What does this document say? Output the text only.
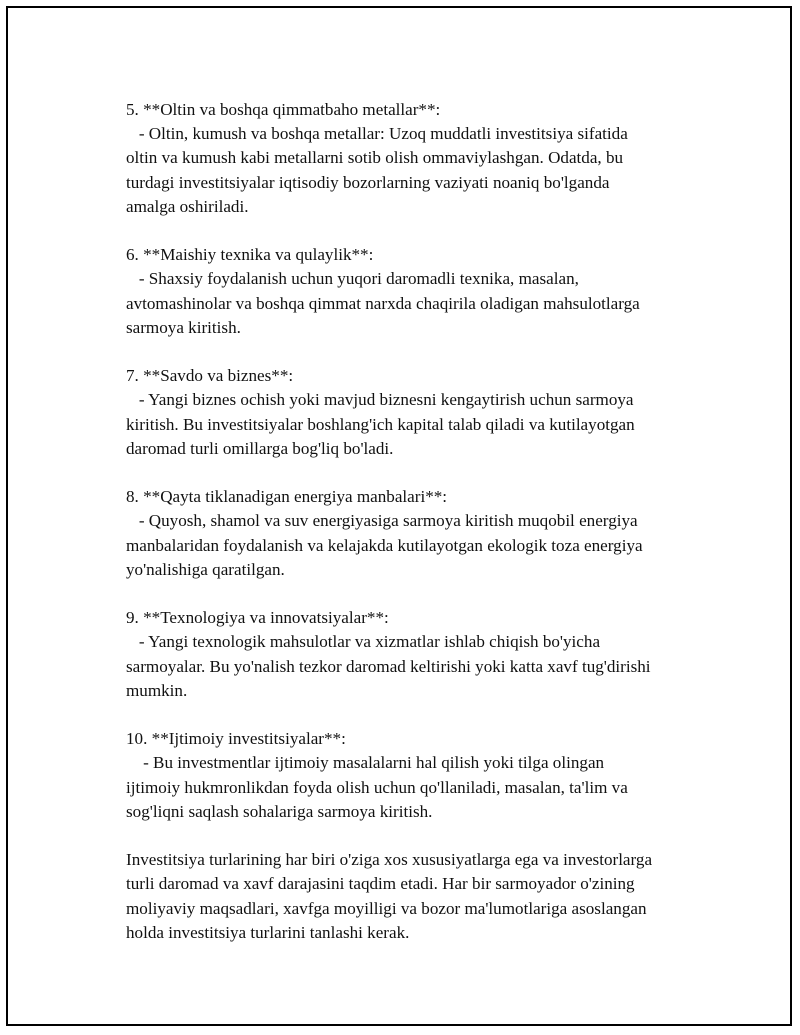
5. **Oltin va boshqa qimmatbaho metallar**:
- Oltin, kumush va boshqa metallar: Uzoq muddatli investitsiya sifatida
oltin va kumush kabi metallarni sotib olish ommaviylashgan. Odatda, bu
turdagi investitsiyalar iqtisodiy bozorlarning vaziyati noaniq bo'lganda
amalga oshiriladi.
6. **Maishiy texnika va qulaylik**:
- Shaxsiy foydalanish uchun yuqori daromadli texnika, masalan,
avtomashinolar va boshqa qimmat narxda chaqirila oladigan mahsulotlarga
sarmoya kiritish.
7. **Savdo va biznes**:
- Yangi biznes ochish yoki mavjud biznesni kengaytirish uchun sarmoya
kiritish. Bu investitsiyalar boshlang'ich kapital talab qiladi va kutilayotgan
daromad turli omillarga bog'liq bo'ladi.
8. **Qayta tiklanadigan energiya manbalari**:
- Quyosh, shamol va suv energiyasiga sarmoya kiritish muqobil energiya
manbalaridan foydalanish va kelajakda kutilayotgan ekologik toza energiya
yo'nalishiga qaratilgan.
9. **Texnologiya va innovatsiyalar**:
- Yangi texnologik mahsulotlar va xizmatlar ishlab chiqish bo'yicha
sarmoyalar. Bu yo'nalish tezkor daromad keltirishi yoki katta xavf tug'dirishi
mumkin.
10. **Ijtimoiy investitsiyalar**:
- Bu investmentlar ijtimoiy masalalarni hal qilish yoki tilga olingan
ijtimoiy hukmronlikdan foyda olish uchun qo'llaniladi, masalan, ta'lim va
sog'liqni saqlash sohalariga sarmoya kiritish.
Investitsiya turlarining har biri o'ziga xos xususiyatlarga ega va investorlarga
turli daromad va xavf darajasini taqdim etadi. Har bir sarmoyador o'zining
moliyaviy maqsadlari, xavfga moyilligi va bozor ma'lumotlariga asoslangan
holda investitsiya turlarini tanlashi kerak.
